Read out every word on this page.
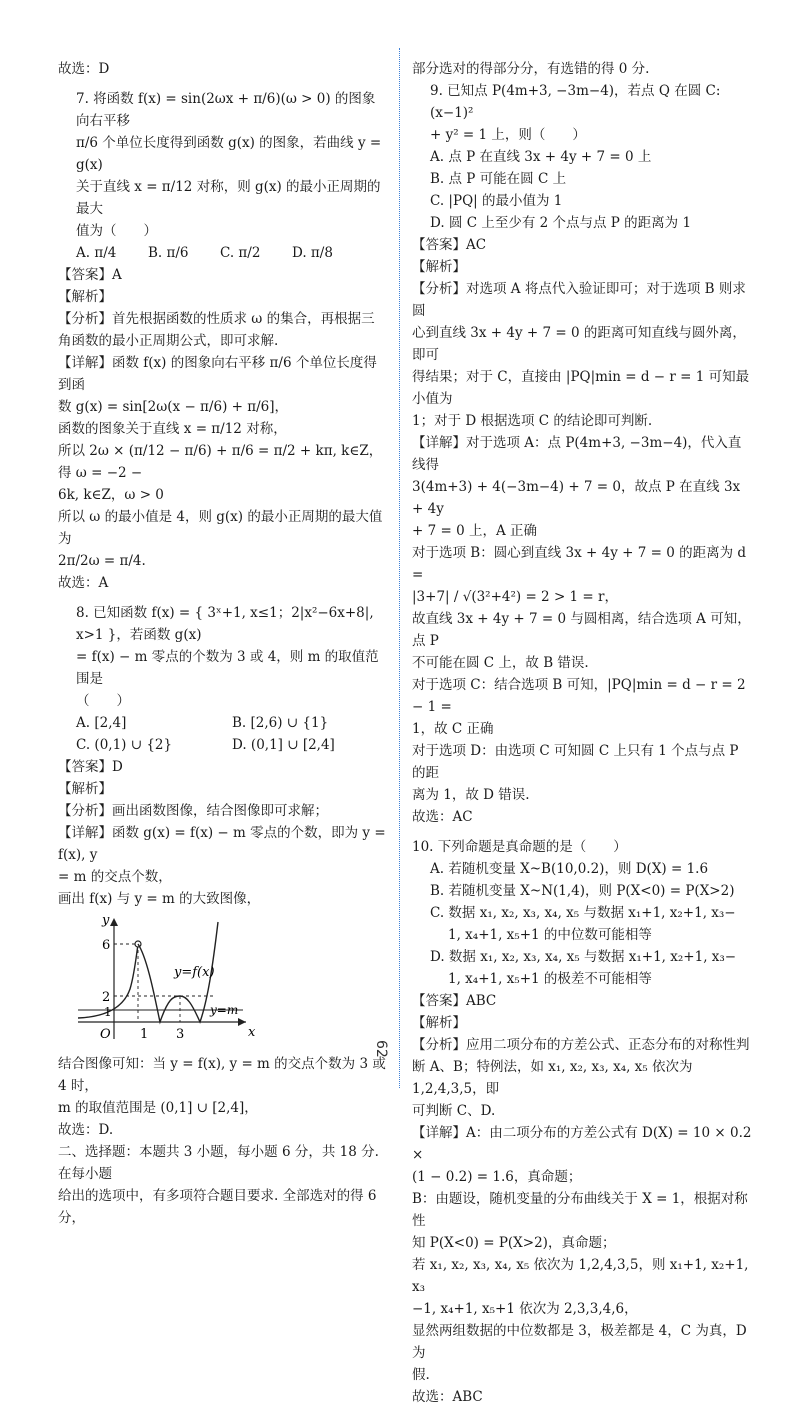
故选：D

7. 将函数 f(x) = sin(2ωx + π/6)(ω > 0) 的图象向右平移

π/6 个单位长度得到函数 g(x) 的图象，若曲线 y = g(x)

关于直线 x = π/12 对称，则 g(x) 的最小正周期的最大

值为（　　）

A. π/4	B. π/6	C. π/2	D. π/8

【答案】A

【解析】

【分析】首先根据函数的性质求 ω 的集合，再根据三角函数的最小正周期公式，即可求解.

【详解】函数 f(x) 的图象向右平移 π/6 个单位长度得到函

数 g(x) = sin[2ω(x − π/6) + π/6]，

函数的图象关于直线 x = π/12 对称，

所以 2ω × (π/12 − π/6) + π/6 = π/2 + kπ, k∈Z，得 ω = −2 −

6k, k∈Z，ω > 0

所以 ω 的最小值是 4，则 g(x) 的最小正周期的最大值为

2π/2ω = π/4.

故选：A

8. 已知函数 f(x) = { 3ˣ+1, x≤1；2|x²−6x+8|, x>1 }，若函数 g(x)

= f(x) − m 零点的个数为 3 或 4，则 m 的取值范围是

（　　）

A. [2,4]	B. [2,6) ∪ {1}
C. (0,1) ∪ {2}	D. (0,1] ∪ [2,4]

【答案】D

【解析】

【分析】画出函数图像，结合图像即可求解；

【详解】函数 g(x) = f(x) − m 零点的个数，即为 y = f(x), y

= m 的交点个数，

画出 f(x) 与 y = m 的大致图像，

y
x
O
6
2
1
1 3
y=f(x)
y=m

结合图像可知：当 y = f(x), y = m 的交点个数为 3 或 4 时，

m 的取值范围是 (0,1] ∪ [2,4]，

故选：D.

二、选择题：本题共 3 小题，每小题 6 分，共 18 分. 在每小题

给出的选项中，有多项符合题目要求. 全部选对的得 6 分，

部分选对的得部分分，有选错的得 0 分.

9. 已知点 P(4m+3, −3m−4)，若点 Q 在圆 C:(x−1)²

+ y² = 1 上，则（　　）

A. 点 P 在直线 3x + 4y + 7 = 0 上

B. 点 P 可能在圆 C 上

C. |PQ| 的最小值为 1

D. 圆 C 上至少有 2 个点与点 P 的距离为 1

【答案】AC

【解析】

【分析】对选项 A 将点代入验证即可；对于选项 B 则求圆

心到直线 3x + 4y + 7 = 0 的距离可知直线与圆外离，即可

得结果；对于 C，直接由 |PQ|min = d − r = 1 可知最小值为

1；对于 D 根据选项 C 的结论即可判断.

【详解】对于选项 A：点 P(4m+3, −3m−4)，代入直线得

3(4m+3) + 4(−3m−4) + 7 = 0，故点 P 在直线 3x + 4y

+ 7 = 0 上，A 正确

对于选项 B：圆心到直线 3x + 4y + 7 = 0 的距离为 d =

|3+7| / √(3²+4²) = 2 > 1 = r，

故直线 3x + 4y + 7 = 0 与圆相离，结合选项 A 可知，点 P

不可能在圆 C 上，故 B 错误.

对于选项 C：结合选项 B 可知，|PQ|min = d − r = 2 − 1 =

1，故 C 正确

对于选项 D：由选项 C 可知圆 C 上只有 1 个点与点 P 的距

离为 1，故 D 错误.

故选：AC

10. 下列命题是真命题的是（　　）

A. 若随机变量 X~B(10,0.2)，则 D(X) = 1.6

B. 若随机变量 X~N(1,4)，则 P(X<0) = P(X>2)

C. 数据 x₁, x₂, x₃, x₄, x₅ 与数据 x₁+1, x₂+1, x₃−

1, x₄+1, x₅+1 的中位数可能相等

D. 数据 x₁, x₂, x₃, x₄, x₅ 与数据 x₁+1, x₂+1, x₃−

1, x₄+1, x₅+1 的极差不可能相等

【答案】ABC

【解析】

【分析】应用二项分布的方差公式、正态分布的对称性判

断 A、B；特例法，如 x₁, x₂, x₃, x₄, x₅ 依次为 1,2,4,3,5，即

可判断 C、D.

【详解】A：由二项分布的方差公式有 D(X) = 10 × 0.2 ×

(1 − 0.2) = 1.6，真命题；

B：由题设，随机变量的分布曲线关于 X = 1，根据对称性

知 P(X<0) = P(X>2)，真命题；

若 x₁, x₂, x₃, x₄, x₅ 依次为 1,2,4,3,5，则 x₁+1, x₂+1, x₃

−1, x₄+1, x₅+1 依次为 2,3,3,4,6，

显然两组数据的中位数都是 3，极差都是 4，C 为真，D 为

假.

故选：ABC

62
